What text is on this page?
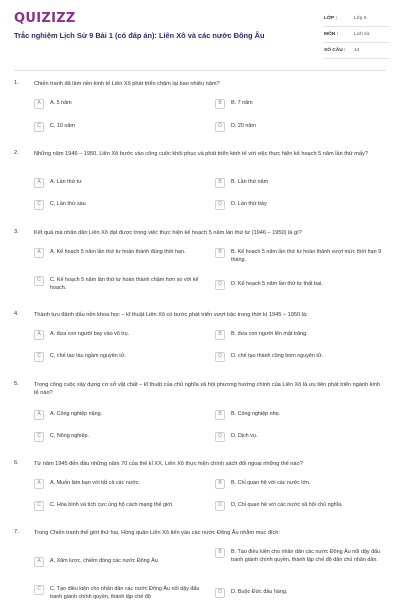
QUIZIZZ
Trắc nghiệm Lịch Sử 9 Bài 1 (có đáp án): Liên Xô và các nước Đông Âu
LỚP :	Lớp 9
MÔN :	Lịch sử
SỐ CÂU :	14
1.	Chiến tranh đã làm nền kinh tế Liên Xô phát triển chậm lại bao nhiêu năm?
A	A. 5 năm	B	B. 7 năm
C	C. 10 năm	D	D. 20 năm
2.	Những năm 1946 – 1950, Liên Xô bước vào công cuộc khôi phục và phát triển kinh tế với việc thực hiện kế hoạch 5 năm lần thứ mấy?
A	A. Lần thứ tư	B	B. Lần thứ năm
C	C. Lần thứ sáu	D	D. Lần thứ bảy
3.	Kết quả mà nhân dân Liên Xô đạt được trong việc thực hiện kế hoạch 5 năm lần thứ tư (1946 – 1950) là gì?
A	A. Kế hoạch 5 năm lần thứ tư hoàn thành đúng thời hạn.	B	B. Kế hoạch 5 năm lần thứ tư hoàn thành vượt mức thời hạn 9 tháng.
C	C. Kế hoạch 5 năm lần thứ tư hoàn thành chậm hơn so với kế hoạch.
D	D. Kế hoạch 5 năm lần thứ tư thất bại.
4.	Thành tựu đánh dấu nền khoa học – kĩ thuật Liên Xô có bước phát triển vượt bậc trong thời kì 1945 – 1950 là:
A	A. đưa con người bay vào vũ trụ.	B	B. đưa con người lên mặt trăng.
C	C. chế tạo tàu ngầm nguyên tử.	D	D. chế tạo thành công bom nguyên tử.
5.	Trong công cuộc xây dựng cơ sở vật chất – kĩ thuật của chủ nghĩa xã hội phương hướng chính của Liên Xô là ưu tiên phát triển ngành kinh tế nào?
A	A. Công nghiệp nặng.	B	B. Công nghiệp nhẹ.
C	C. Nông nghiệp.	D	D. Dịch vụ.
6.	Từ năm 1945 đến đầu những năm 70 của thế kỉ XX, Liên Xô thực hiện chính sách đối ngoại những thế nào?
A	A. Muốn làm bạn với tất cả các nước.	B	B. Chỉ quan hệ với các nước lớn.
C	C. Hòa bình và tích cực ủng hộ cách mạng thế giới.	D	D. Chỉ quan hệ với các nước xã hội chủ nghĩa.
7.	Trong Chiến tranh thế giới thứ hai, Hồng quân Liên Xô tiến vào các nước Đông Âu nhằm mục đích:
A	A. Xâm lược, chiếm đóng các nước Đông Âu.
B	B. Tạo điều kiện cho nhân dân các nước Đông Âu nổi dậy đấu tranh giành chính quyền, thành lập chế độ dân chủ nhân dân.
C	C. Tạo điều kiện cho nhân dân các nước Đông Âu nổi dậy đấu tranh giành chính quyền, thành lập chế độ
D	D. Buộc Đức đầu hàng.
